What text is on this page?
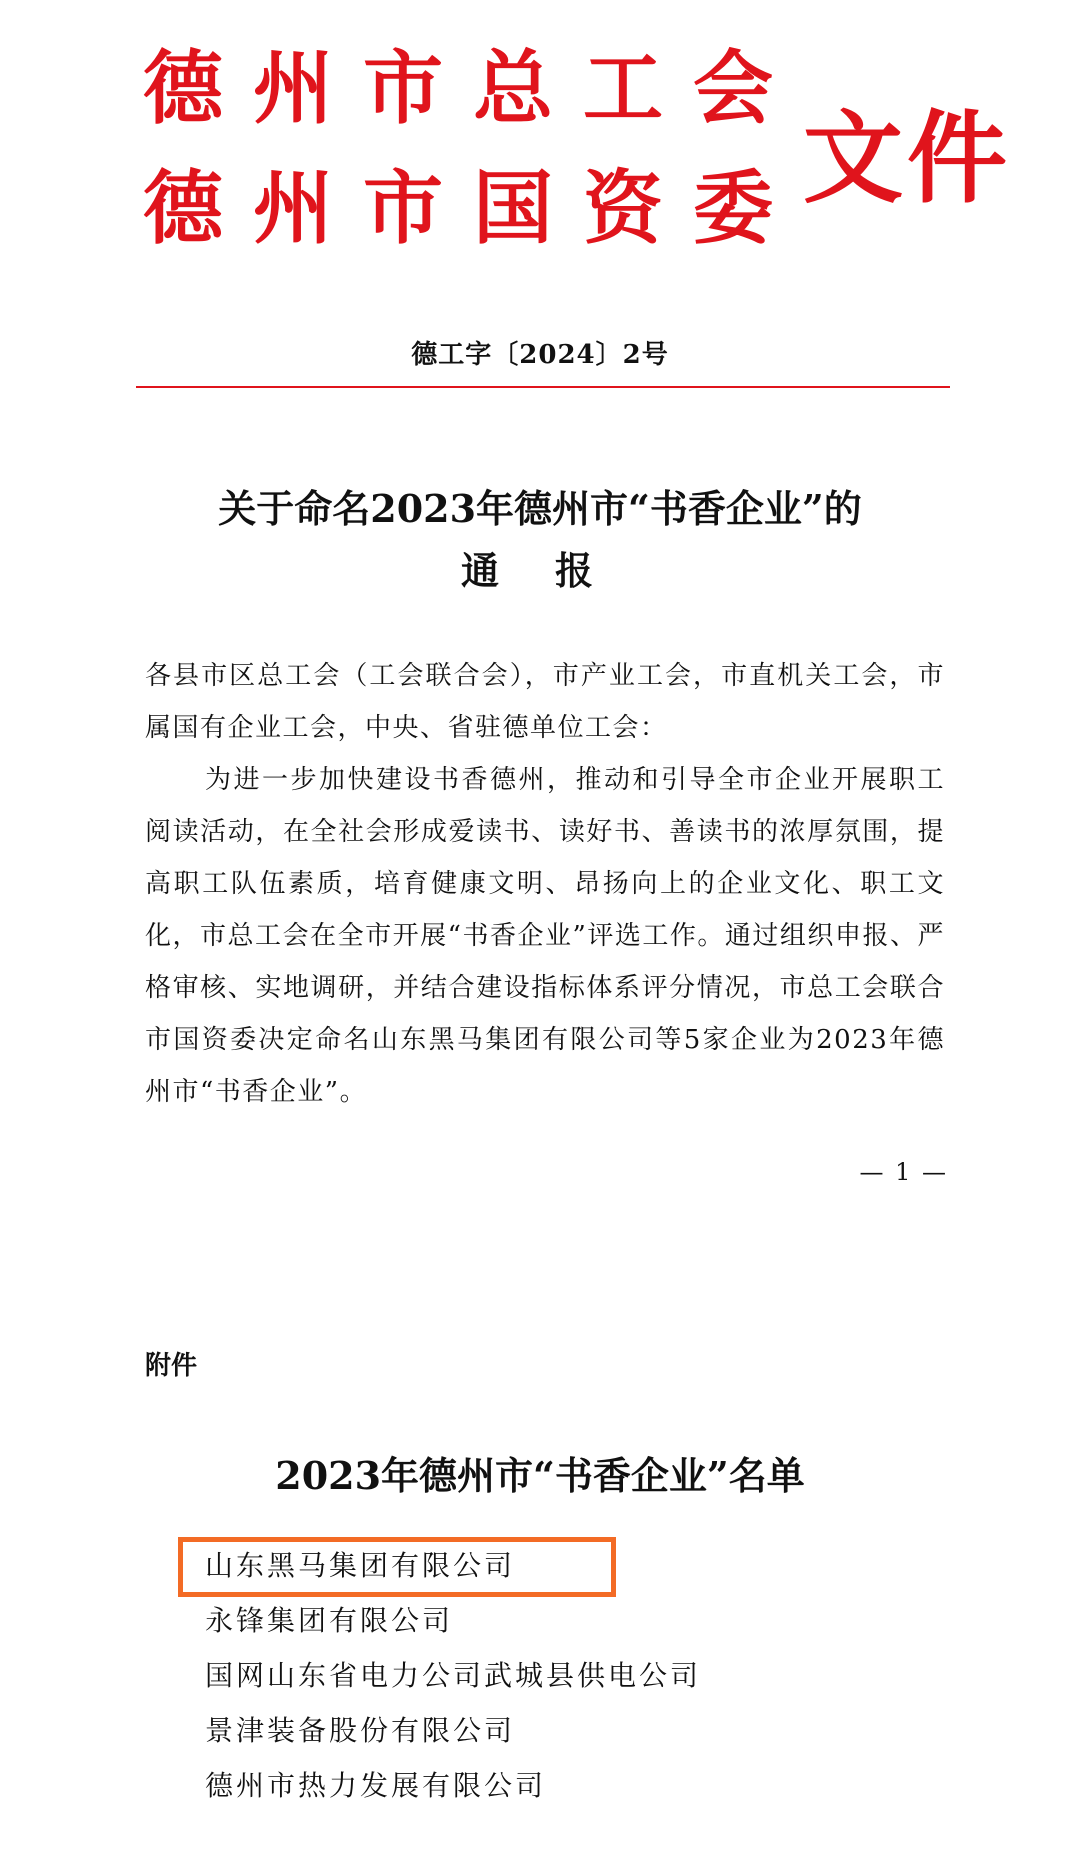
德州市总工会
德州市国资委 文件
德工字〔2024〕2号
关于命名2023年德州市“书香企业”的
通报
各县市区总工会（工会联合会），市产业工会，市直机关工会，市属国有企业工会，中央、省驻德单位工会：
为进一步加快建设书香德州，推动和引导全市企业开展职工阅读活动，在全社会形成爱读书、读好书、善读书的浓厚氛围，提高职工队伍素质，培育健康文明、昂扬向上的企业文化、职工文化，市总工会在全市开展“书香企业”评选工作。通过组织申报、严格审核、实地调研，并结合建设指标体系评分情况，市总工会联合市国资委决定命名山东黑马集团有限公司等5家企业为2023年德州市“书香企业”。
— 1 —
附件
2023年德州市“书香企业”名单
山东黑马集团有限公司
永锋集团有限公司
国网山东省电力公司武城县供电公司
景津装备股份有限公司
德州市热力发展有限公司
